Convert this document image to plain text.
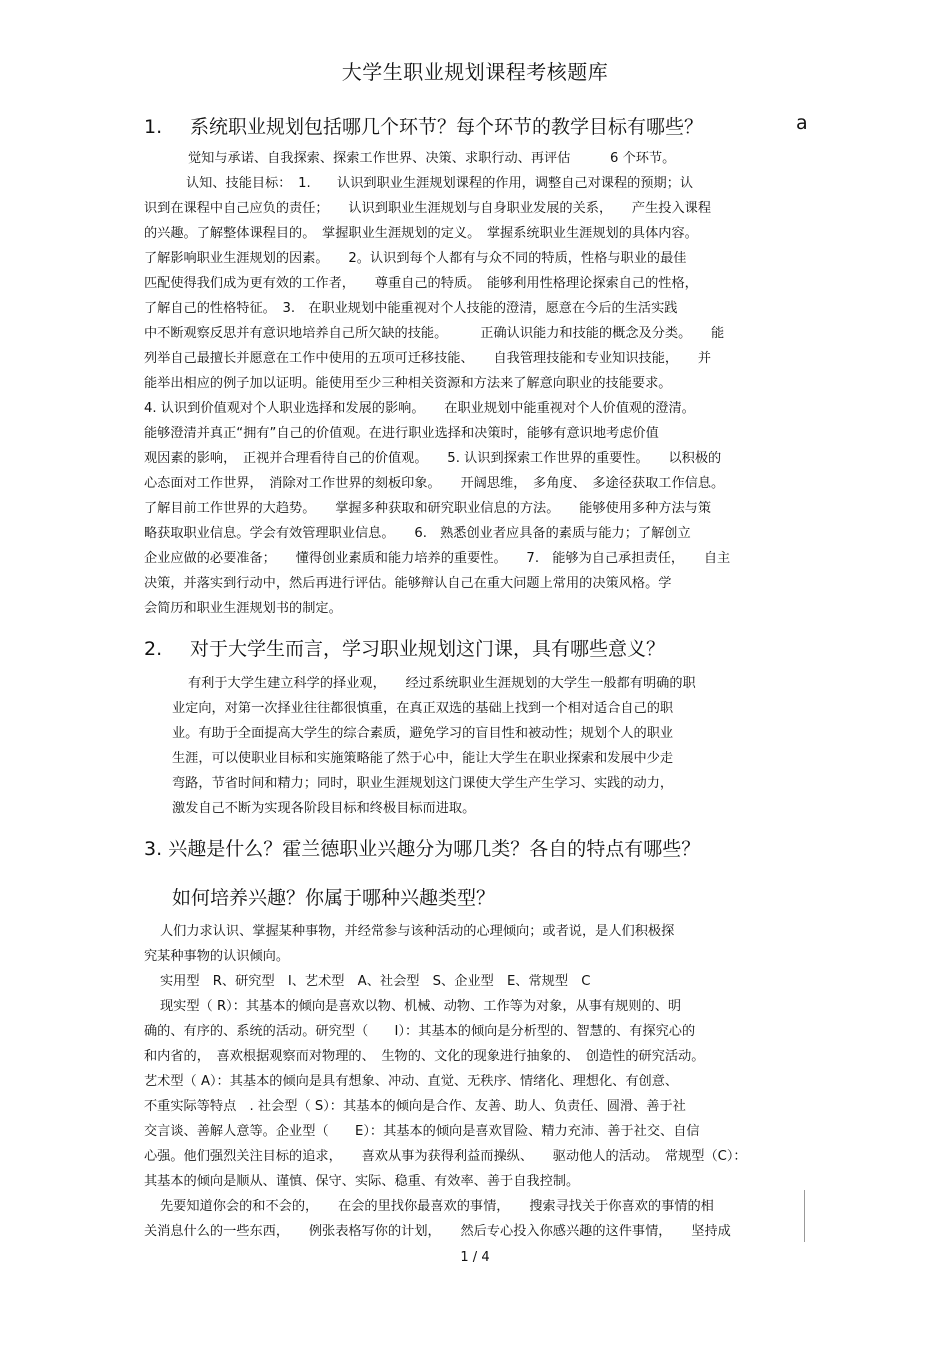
大学生职业规划课程考核题库
1. 系统职业规划包括哪几个环节？每个环节的教学目标有哪些？	a
觉知与承诺、自我探索、探索工作世界、决策、求职行动、再评估　　　6 个环节。
认知、技能目标：　1.　　认识到职业生涯规划课程的作用，调整自己对课程的预期；认
识到在课程中自己应负的责任；　　认识到职业生涯规划与自身职业发展的关系，　　产生投入课程
的兴趣。了解整体课程目的。　掌握职业生涯规划的定义。　掌握系统职业生涯规划的具体内容。
了解影响职业生涯规划的因素。　　2。认识到每个人都有与众不同的特质，性格与职业的最佳
匹配使得我们成为更有效的工作者，　　尊重自己的特质。　能够利用性格理论探索自己的性格，
了解自己的性格特征。　3.　在职业规划中能重视对个人技能的澄清，愿意在今后的生活实践
中不断观察反思并有意识地培养自己所欠缺的技能。　　　正确认识能力和技能的概念及分类。　　能
列举自己最擅长并愿意在工作中使用的五项可迁移技能、　　自我管理技能和专业知识技能，　　并
能举出相应的例子加以证明。能使用至少三种相关资源和方法来了解意向职业的技能要求。
4. 认识到价值观对个人职业选择和发展的影响。　　在职业规划中能重视对个人价值观的澄清。
能够澄清并真正“拥有”自己的价值观。在进行职业选择和决策时，能够有意识地考虑价值
观因素的影响，　正视并合理看待自己的价值观。　　5. 认识到探索工作世界的重要性。　　以积极的
心态面对工作世界，　消除对工作世界的刻板印象。　　开阔思维，　多角度、　多途径获取工作信息。
了解目前工作世界的大趋势。　　掌握多种获取和研究职业信息的方法。　　能够使用多种方法与策
略获取职业信息。学会有效管理职业信息。　　6.　熟悉创业者应具备的素质与能力；了解创立
企业应做的必要准备；　　懂得创业素质和能力培养的重要性。　　7.　能够为自己承担责任，　　自主
决策，并落实到行动中，然后再进行评估。能够辩认自己在重大问题上常用的决策风格。学
会简历和职业生涯规划书的制定。
2. 对于大学生而言，学习职业规划这门课，具有哪些意义？
有利于大学生建立科学的择业观，　　经过系统职业生涯规划的大学生一般都有明确的职
业定向，对第一次择业往往都很慎重，在真正双选的基础上找到一个相对适合自己的职
业。有助于全面提高大学生的综合素质，避免学习的盲目性和被动性；规划个人的职业
生涯，可以使职业目标和实施策略能了然于心中，能让大学生在职业探索和发展中少走
弯路，节省时间和精力；同时，职业生涯规划这门课使大学生产生学习、实践的动力，
激发自己不断为实现各阶段目标和终极目标而进取。
3. 兴趣是什么？霍兰德职业兴趣分为哪几类？各自的特点有哪些？
如何培养兴趣？你属于哪种兴趣类型？
人们力求认识、掌握某种事物，并经常参与该种活动的心理倾向；或者说，是人们积极探
究某种事物的认识倾向。
实用型　R、研究型　I、艺术型　A、社会型　S、企业型　E、常规型　C
现实型（ R）：其基本的倾向是喜欢以物、机械、动物、工作等为对象，从事有规则的、明
确的、有序的、系统的活动。研究型（　　I）：其基本的倾向是分析型的、智慧的、有探究心的
和内省的，　喜欢根据观察而对物理的、　生物的、文化的现象进行抽象的、　创造性的研究活动。
艺术型（ A）：其基本的倾向是具有想象、冲动、直觉、无秩序、情绪化、理想化、有创意、
不重实际等特点　. 社会型（ S）：其基本的倾向是合作、友善、助人、负责任、圆滑、善于社
交言谈、善解人意等。企业型（　　E）：其基本的倾向是喜欢冒险、精力充沛、善于社交、自信
心强。他们强烈关注目标的追求，　　喜欢从事为获得利益而操纵、　　驱动他人的活动。　常规型（C）：
其基本的倾向是顺从、谨慎、保守、实际、稳重、有效率、善于自我控制。
先要知道你会的和不会的，　　在会的里找你最喜欢的事情，　　搜索寻找关于你喜欢的事情的相
关消息什么的一些东西，　　例张表格写你的计划，　　然后专心投入你感兴趣的这件事情，　　坚持成
1 / 4
